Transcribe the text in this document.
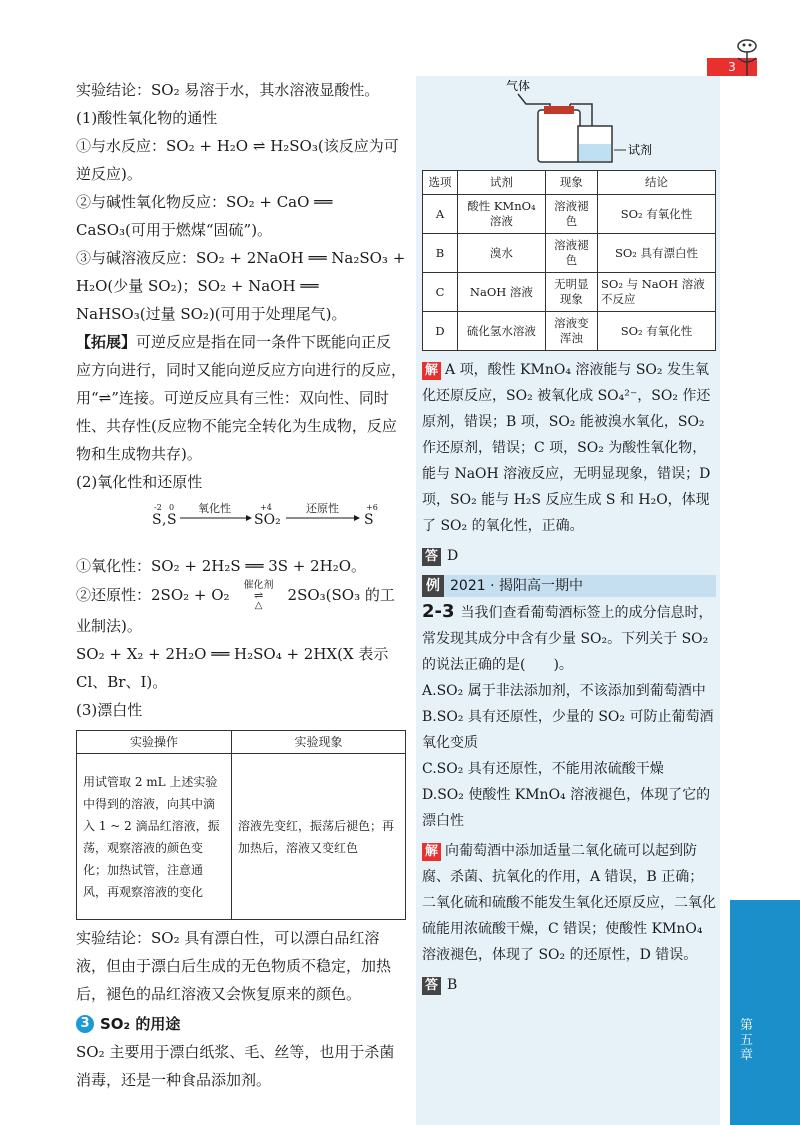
3
第五章

实验结论：SO₂ 易溶于水，其水溶液显酸性。

(1)酸性氧化物的通性

①与水反应：SO₂ + H₂O ⇌ H₂SO₃(该反应为可逆反应)。

②与碱性氧化物反应：SO₂ + CaO ══ CaSO₃(可用于燃煤“固硫”)。

③与碱溶液反应：SO₂ + 2NaOH ══ Na₂SO₃ + H₂O(少量 SO₂)；SO₂ + NaOH ══ NaHSO₃(过量 SO₂)(可用于处理尾气)。

【拓展】可逆反应是指在同一条件下既能向正反应方向进行，同时又能向逆反应方向进行的反应，用“⇌”连接。可逆反应具有三性：双向性、同时性、共存性(反应物不能完全转化为生成物，反应物和生成物共存)。

(2)氧化性和还原性

-2
S ,
0
S
氧化性	+4
SO₂
还原性	+6
S

①氧化性：SO₂ + 2H₂S ══ 3S + 2H₂O。

②还原性：2SO₂ + O₂
催化剂
⇌
△
2SO₃(SO₃ 的工业制法)。

SO₂ + X₂ + 2H₂O ══ H₂SO₄ + 2HX(X 表示 Cl、Br、I)。

(3)漂白性

实验操作	实验现象
用试管取 2 mL 上述实验中得到的溶液，向其中滴入 1 ~ 2 滴品红溶液，振荡，观察溶液的颜色变化；加热试管，注意通风，再观察溶液的变化	溶液先变红，振荡后褪色；再加热后，溶液又变红色

实验结论：SO₂ 具有漂白性，可以漂白品红溶液，但由于漂白后生成的无色物质不稳定，加热后，褪色的品红溶液又会恢复原来的颜色。

3 SO₂ 的用途

SO₂ 主要用于漂白纸浆、毛、丝等，也用于杀菌消毒，还是一种食品添加剂。

气体
试剂
选项	试剂	现象	结论
A	酸性 KMnO₄ 溶液	溶液褪色	SO₂ 有氧化性
B	溴水	溶液褪色	SO₂ 具有漂白性
C	NaOH 溶液	无明显现象	SO₂ 与 NaOH 溶液不反应
D	硫化氢水溶液	溶液变浑浊	SO₂ 有氧化性

解 A 项，酸性 KMnO₄ 溶液能与 SO₂ 发生氧化还原反应，SO₂ 被氧化成 SO₄²⁻，SO₂ 作还原剂，错误；B 项，SO₂ 能被溴水氧化，SO₂ 作还原剂，错误；C 项，SO₂ 为酸性氧化物，能与 NaOH 溶液反应，无明显现象，错误；D 项，SO₂ 能与 H₂S 反应生成 S 和 H₂O，体现了 SO₂ 的氧化性，正确。

答 D

例 2021 · 揭阳高一期中

2-3 当我们查看葡萄酒标签上的成分信息时，常发现其成分中含有少量 SO₂。下列关于 SO₂ 的说法正确的是(　　)。

A.SO₂ 属于非法添加剂，不该添加到葡萄酒中

B.SO₂ 具有还原性，少量的 SO₂ 可防止葡萄酒氧化变质

C.SO₂ 具有还原性，不能用浓硫酸干燥

D.SO₂ 使酸性 KMnO₄ 溶液褪色，体现了它的漂白性

解 向葡萄酒中添加适量二氧化硫可以起到防腐、杀菌、抗氧化的作用，A 错误，B 正确；二氧化硫和硫酸不能发生氧化还原反应，二氧化硫能用浓硫酸干燥，C 错误；使酸性 KMnO₄ 溶液褪色，体现了 SO₂ 的还原性，D 错误。

答 B
